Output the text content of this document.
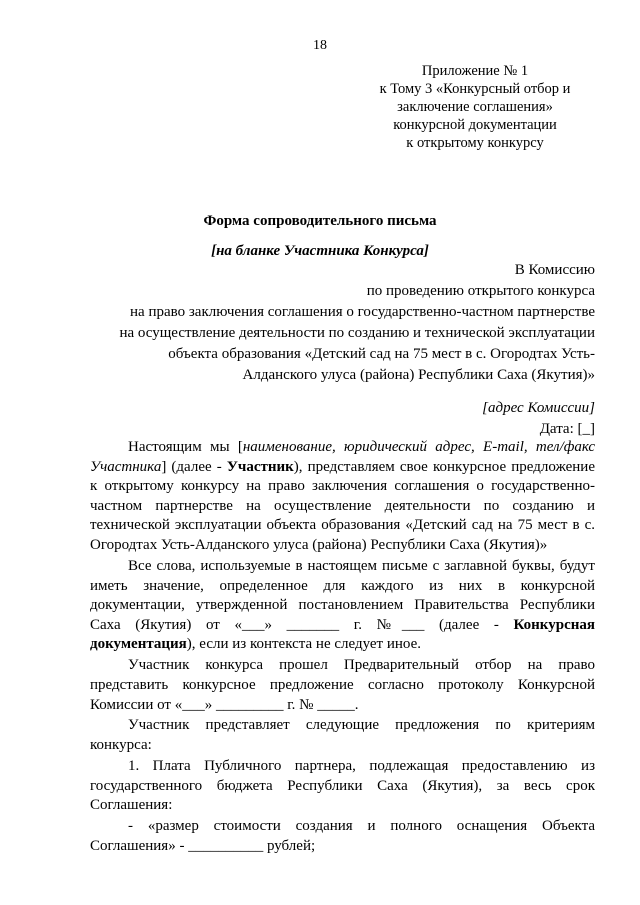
18
Приложение № 1
к Тому 3 «Конкурсный отбор и
заключение соглашения»
конкурсной документации
к открытому конкурсу
Форма сопроводительного письма
[на бланке Участника Конкурса]
В Комиссию
по проведению открытого конкурса
на право заключения соглашения о государственно-частном партнерстве
на осуществление деятельности по созданию и технической эксплуатации
объекта образования «Детский сад на 75 мест в с. Огородтах Усть-
Алданского улуса (района) Республики Саха (Якутия)»
[адрес Комиссии]
Дата: [_]

Настоящим мы [наименование, юридический адрес, E-mail, тел/факс Участника] (далее - Участник), представляем свое конкурсное предложение к открытому конкурсу на право заключения соглашения о государственно-частном партнерстве на осуществление деятельности по созданию и технической эксплуатации объекта образования «Детский сад на 75 мест в с. Огородтах Усть-Алданского улуса (района) Республики Саха (Якутия)»

Все слова, используемые в настоящем письме с заглавной буквы, будут иметь значение, определенное для каждого из них в конкурсной документации, утвержденной постановлением Правительства Республики Саха (Якутия) от «___» _______ г. №___ (далее - Конкурсная документация), если из контекста не следует иное.

Участник конкурса прошел Предварительный отбор на право представить конкурсное предложение согласно протоколу Конкурсной Комиссии от «___» _________ г. № _____.

Участник представляет следующие предложения по критериям конкурса:

1. Плата Публичного партнера, подлежащая предоставлению из государственного бюджета Республики Саха (Якутия), за весь срок Соглашения:

- «размер стоимости создания и полного оснащения Объекта Соглашения» - __________ рублей;
